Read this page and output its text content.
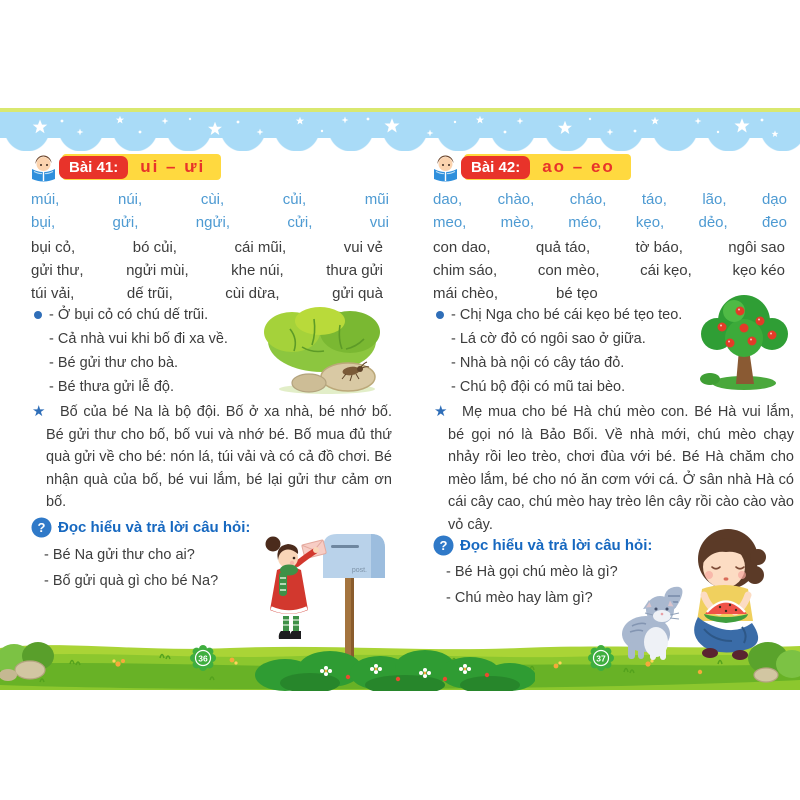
Bài 41:	ui – ưi
múi,	núi,	cùi,	củi,	mũi
bụi,	gửi,	ngửi,	cửi,	vui
bụi cỏ,	bó củi,	cái mũi,	vui vẻ
gửi thư,	ngửi mùi,	khe núi,	thưa gửi
túi vải,	dế trũi,	cùi dừa,	gửi quà
- Ở bụi cỏ có chú dế trũi.
- Cả nhà vui khi bố đi xa về.
- Bé gửi thư cho bà.
- Bé thưa gửi lễ độ.
★	Bố của bé Na là bộ đội. Bố ở xa nhà, bé nhớ bố. Bé gửi thư cho bố, bố vui và nhớ bé. Bố mua đủ thứ quà gửi về cho bé: nón lá, túi vải và có cả đồ chơi. Bé nhận quà của bố, bé vui lắm, bé lại gửi thư cảm ơn bố.

? Đọc hiểu và trả lời câu hỏi:
- Bé Na gửi thư cho ai?
- Bố gửi quà gì cho bé Na?
post.
Bài 42:	ao – eo
dao, chào, cháo, táo, lão, dạo
meo, mèo, méo, kẹo, dẻo, đeo
con dao,	quả táo,	tờ báo,	ngôi sao
chim sáo,	con mèo,	cái kẹo,	kẹo kéo
mái chèo,	bé tẹo
- Chị Nga cho bé cái kẹo bé tẹo teo.
- Lá cờ đỏ có ngôi sao ở giữa.
- Nhà bà nội có cây táo đỏ.
- Chú bộ đội có mũ tai bèo.
★	Mẹ mua cho bé Hà chú mèo con. Bé Hà vui lắm, bé gọi nó là Bảo Bối. Về nhà mới, chú mèo chạy nhảy rồi leo trèo, chơi đùa với bé. Bé Hà chăm cho mèo lắm, bé cho nó ăn cơm với cá. Ở sân nhà Hà có cái cây cao, chú mèo hay trèo lên cây rồi cào cào vào vỏ cây.

? Đọc hiểu và trả lời câu hỏi:
- Bé Hà gọi chú mèo là gì?
- Chú mèo hay làm gì?
36	37
